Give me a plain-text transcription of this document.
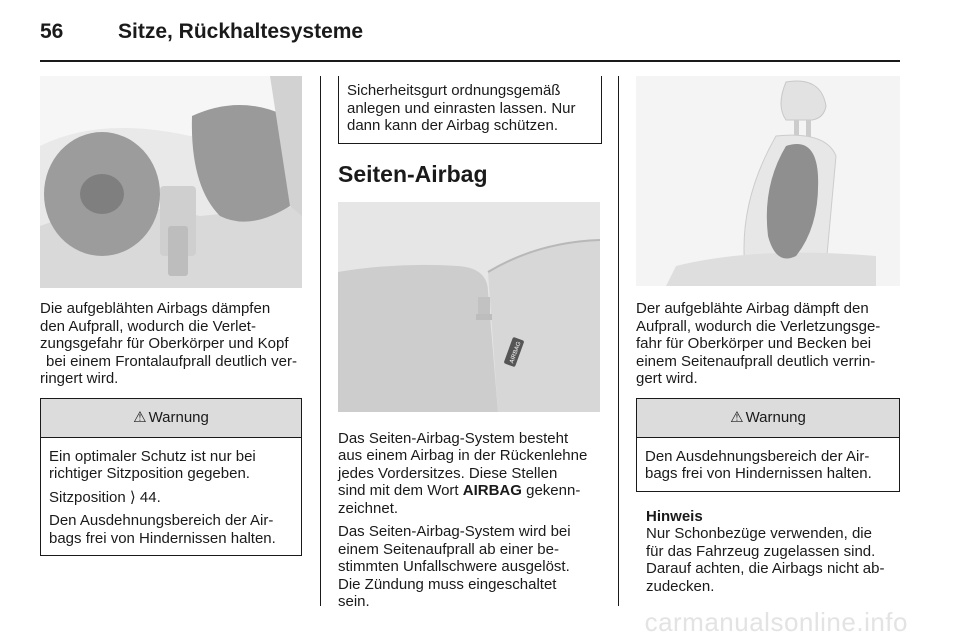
56	Sitze, Rückhaltesysteme

Die aufgeblähten Airbags dämpfen

den Aufprall, wodurch die Verlet-

zungsgefahr für Oberkörper und Kopf

bei einem Frontalaufprall deutlich ver-

ringert wird.

⚠ Warnung

Ein optimaler Schutz ist nur bei
richtiger Sitzposition gegeben.

Sitzposition ⟩ 44.

Den Ausdehnungsbereich der Air-
bags frei von Hindernissen halten.

Sicherheitsgurt ordnungsgemäß

anlegen und einrasten lassen. Nur

dann kann der Airbag schützen.

Seiten-Airbag
AIRBAG

Das Seiten-Airbag-System besteht

aus einem Airbag in der Rückenlehne

jedes Vordersitzes. Diese Stellen

sind mit dem Wort AIRBAG gekenn-

zeichnet.

Das Seiten-Airbag-System wird bei

einem Seitenaufprall ab einer be-

stimmten Unfallschwere ausgelöst.

Die Zündung muss eingeschaltet

sein.

Der aufgeblähte Airbag dämpft den

Aufprall, wodurch die Verletzungsge-

fahr für Oberkörper und Becken bei

einem Seitenaufprall deutlich verrin-

gert wird.

⚠ Warnung

Den Ausdehnungsbereich der Air-
bags frei von Hindernissen halten.

Hinweis

Nur Schonbezüge verwenden, die

für das Fahrzeug zugelassen sind.

Darauf achten, die Airbags nicht ab-

zudecken.

carmanualsonline.info
